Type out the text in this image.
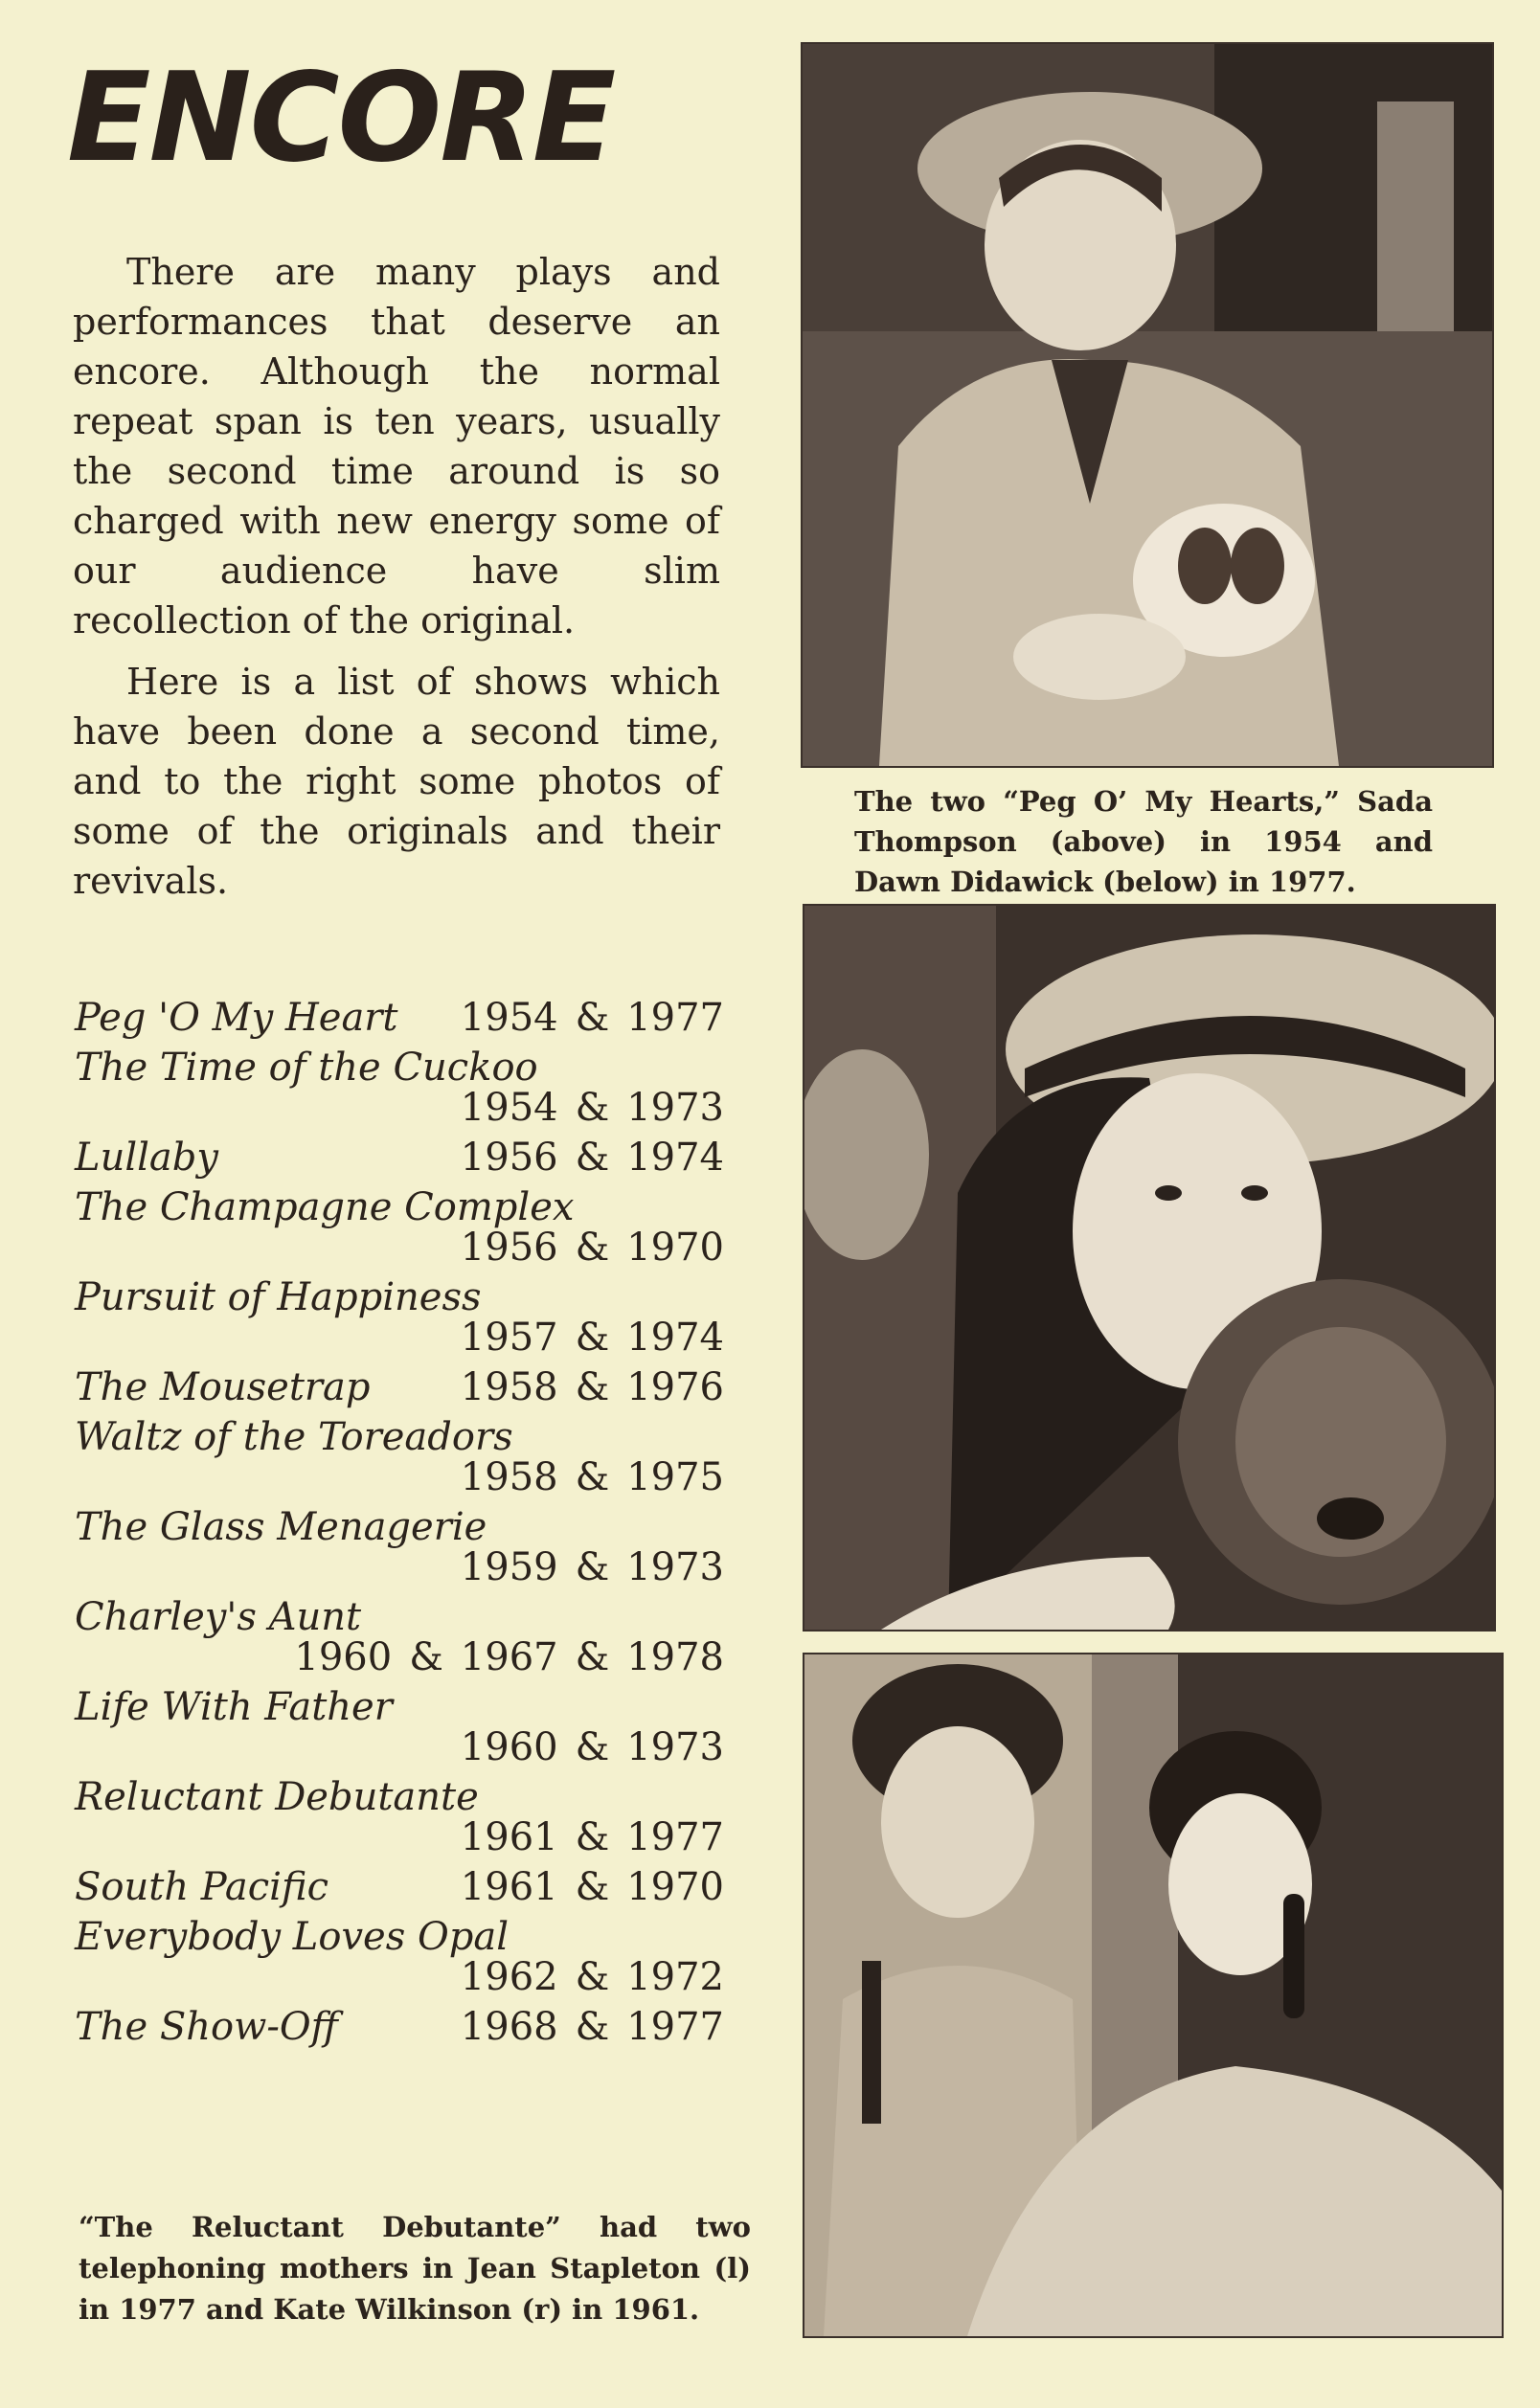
ENCORE

There are many plays and performances that deserve an encore. Although the normal repeat span is ten years, usually the second time around is so charged with new energy some of our audience have slim recollection of the original.

Here is a list of shows which have been done a second time, and to the right some photos of some of the originals and their revivals.

Peg 'O My Heart 1954 & 1977
The Time of the Cuckoo
1954 & 1973
Lullaby	1956 & 1974
The Champagne Complex
1956 & 1970
Pursuit of Happiness
1957 & 1974
The Mousetrap 1958 & 1976
Waltz of the Toreadors
1958 & 1975
The Glass Menagerie
1959 & 1973
Charley's Aunt
1960 & 1967 & 1978
Life With Father
1960 & 1973
Reluctant Debutante
1961 & 1977
South Pacific	1961 & 1970
Everybody Loves Opal
1962 & 1972
The Show-Off	1968 & 1977

“The Reluctant Debutante” had two telephoning mothers in Jean Stapleton (l) in 1977 and Kate Wilkinson (r) in 1961.

The two “Peg O’ My Hearts,” Sada Thompson (above) in 1954 and Dawn Didawick (below) in 1977.
